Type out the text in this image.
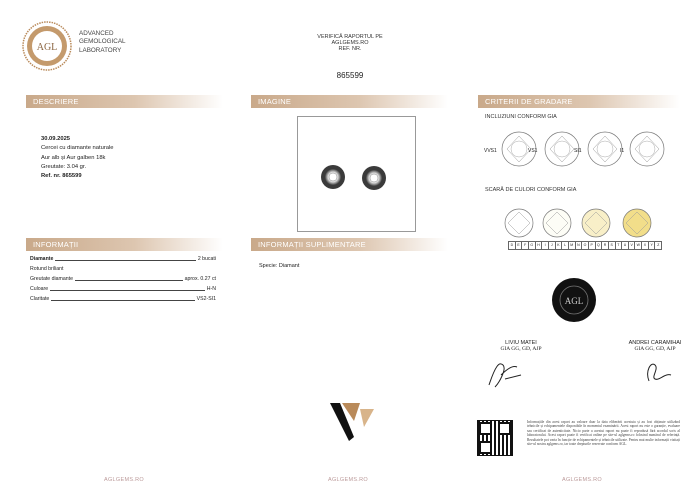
AGL
ADVANCED
GEMOLOGICAL
LABORATORY
VERIFICĂ RAPORTUL PE AGLGEMS.RO
REF. NR.
865599
DESCRIERE	IMAGINE	CRITERII DE GRADARE
INFORMAȚII	INFORMAȚII SUPLIMENTARE
30.09.2025
Cercei cu diamante naturale
Aur alb și Aur galben 18k
Greutate: 3.04 gr.
Ref. nr. 865599
INCLUZIUNI CONFORM GIA
VVS1	VS1	SI1	I1
SCARĂ DE CULORI CONFORM GIA
D	E	F	G	H	I	J	K	L	M	N	O	P	Q	R	S	T	U	V	W	X	Y	Z
Diamante	2 bucati
Rotund briliant
Greutate diamante	aprox. 0.27 ct
Culoare	H-N
Claritate	VS2-SI1
Specie: Diamant
AGL
LIVIU MATEI
GIA GG, GD, AJP
ANDREI CARAMIHAI
GIA GG, GD, AJP
Informațiile din acest raport au valoare doar la data eliberării acestuia și au fost obținute utilizând tehnicile și echipamentele disponibile în momentul examinării. Acest raport nu este o garanție, evaluare sau certificat de autenticitate. Nicio parte a acestui raport nu poate fi reprodusă fără acordul scris al laboratorului. Acest raport poate fi verificat online pe site-ul aglgems.ro folosind numărul de referință. Rezultatele pot varia în funcție de echipamentele și tehnicile utilizate. Pentru mai multe informații vizitați site-ul nostru aglgems.ro, iar toate drepturile rezervate conform AGL.
AGLGEMS.RO	AGLGEMS.RO	AGLGEMS.RO
